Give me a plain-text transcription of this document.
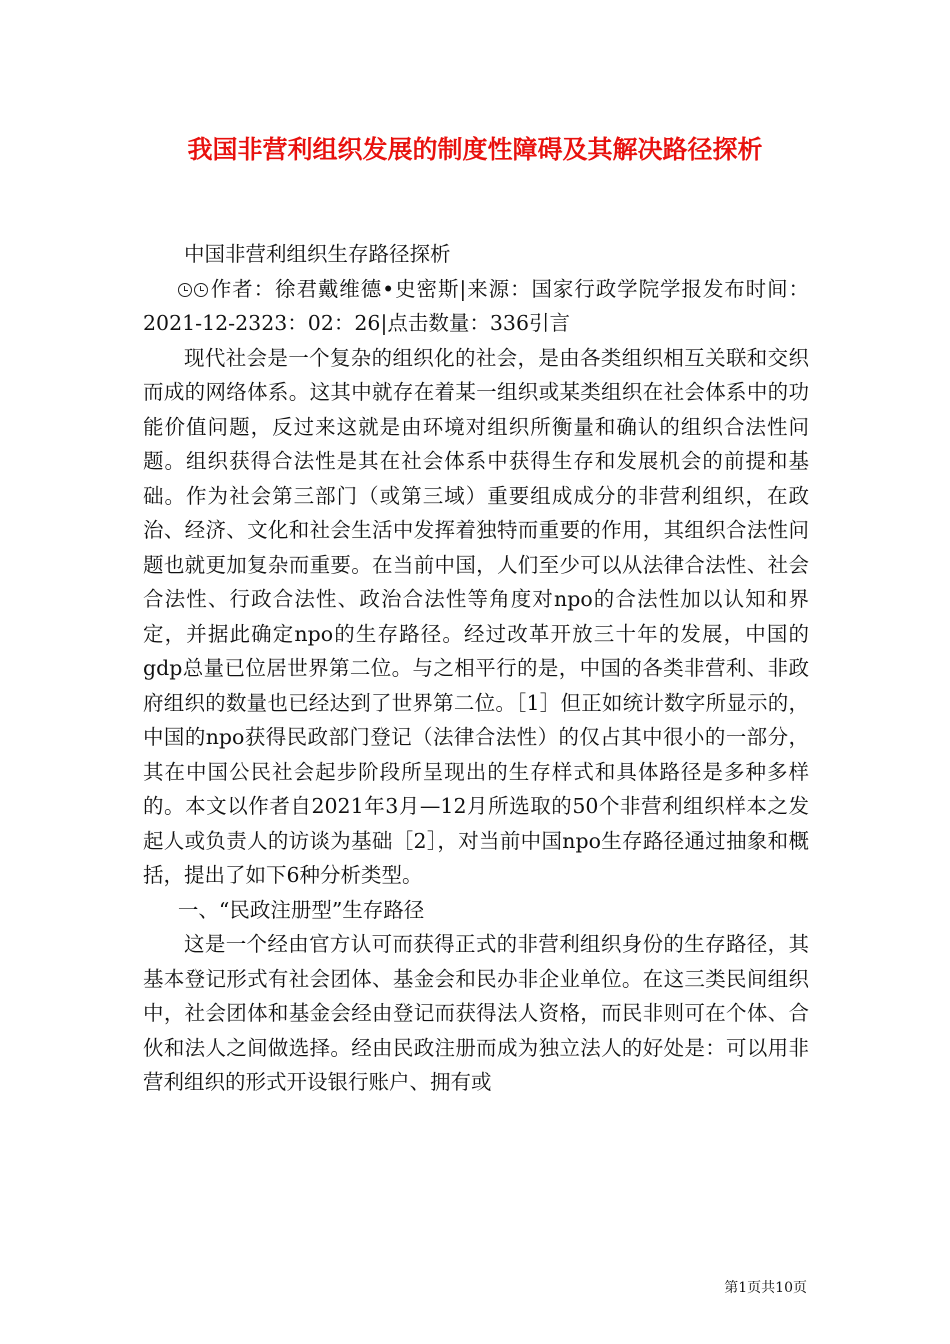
我国非营利组织发展的制度性障碍及其解决路径探析

中国非营利组织生存路径探析

作者：徐君戴维德•史密斯|来源：国家行政学院学报发布时间：2021-12-2323：02：26|点击数量：336引言

现代社会是一个复杂的组织化的社会，是由各类组织相互关联和交织而成的网络体系。这其中就存在着某一组织或某类组织在社会体系中的功能价值问题，反过来这就是由环境对组织所衡量和确认的组织合法性问题。组织获得合法性是其在社会体系中获得生存和发展机会的前提和基础。作为社会第三部门（或第三域）重要组成成分的非营利组织，在政治、经济、文化和社会生活中发挥着独特而重要的作用，其组织合法性问题也就更加复杂而重要。在当前中国，人们至少可以从法律合法性、社会合法性、行政合法性、政治合法性等角度对npo的合法性加以认知和界定，并据此确定npo的生存路径。经过改革开放三十年的发展，中国的gdp总量已位居世界第二位。与之相平行的是，中国的各类非营利、非政府组织的数量也已经达到了世界第二位。［1］但正如统计数字所显示的，中国的npo获得民政部门登记（法律合法性）的仅占其中很小的一部分，其在中国公民社会起步阶段所呈现出的生存样式和具体路径是多种多样的。本文以作者自2021年3月—12月所选取的50个非营利组织样本之发起人或负责人的访谈为基础［2］，对当前中国npo生存路径通过抽象和概括，提出了如下6种分析类型。

一、“民政注册型”生存路径

这是一个经由官方认可而获得正式的非营利组织身份的生存路径，其基本登记形式有社会团体、基金会和民办非企业单位。在这三类民间组织中，社会团体和基金会经由登记而获得法人资格，而民非则可在个体、合伙和法人之间做选择。经由民政注册而成为独立法人的好处是：可以用非营利组织的形式开设银行账户、拥有或

第1页共10页
